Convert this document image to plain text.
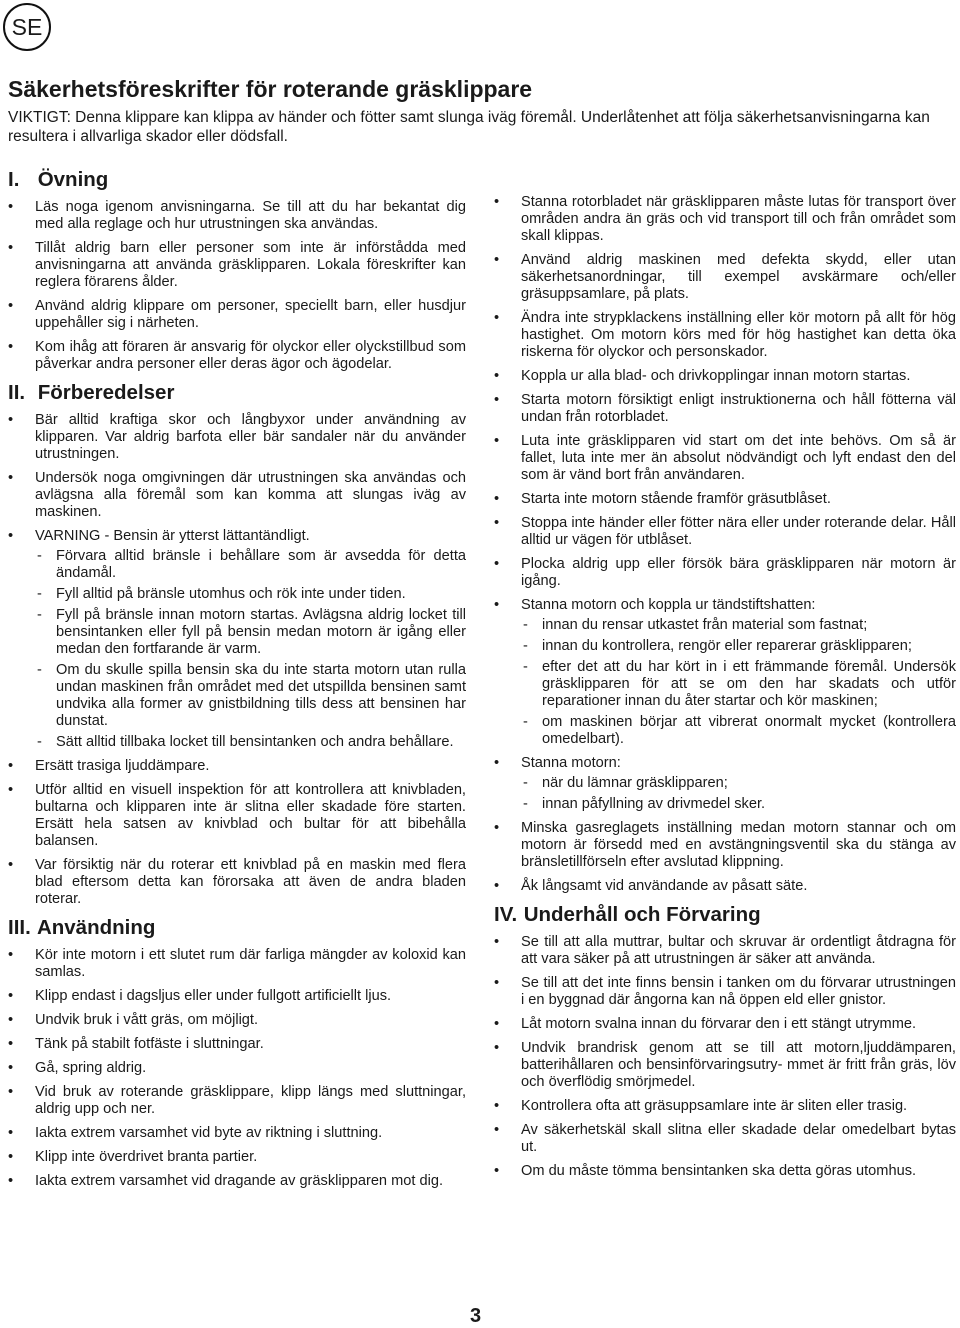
SE
Säkerhetsföreskrifter för roterande gräsklippare

VIKTIGT: Denna klippare kan klippa av händer och fötter samt slunga iväg föremål. Underlåtenhet att följa säkerhetsanvisningarna kan resultera i allvarliga skador eller dödsfall.

I. Övning
• Läs noga igenom anvisningarna. Se till att du har bekantat dig med alla reglage och hur utrustningen ska användas.
• Tillåt aldrig barn eller personer som inte är införstådda med anvisningarna att använda gräsklipparen. Lokala föreskrifter kan reglera förarens ålder.
• Använd aldrig klippare om personer, speciellt barn, eller husdjur uppehåller sig i närheten.
• Kom ihåg att föraren är ansvarig för olyckor eller olyckstillbud som påverkar andra personer eller deras ägor och ägodelar.
II. Förberedelser
• Bär alltid kraftiga skor och långbyxor under användning av klipparen. Var aldrig barfota eller bär sandaler när du använder utrustningen.
• Undersök noga omgivningen där utrustningen ska användas och avlägsna alla föremål som kan komma att slungas iväg av maskinen.
• VARNING - Bensin är ytterst lättantändligt.
- Förvara alltid bränsle i behållare som är avsedda för detta ändamål.
- Fyll alltid på bränsle utomhus och rök inte under tiden.
- Fyll på bränsle innan motorn startas. Avlägsna aldrig locket till bensintanken eller fyll på bensin medan motorn är igång eller medan den fortfarande är varm.
- Om du skulle spilla bensin ska du inte starta motorn utan rulla undan maskinen från området med det utspillda bensinen samt undvika alla former av gnistbildning tills dess att bensinen har dunstat.
- Sätt alltid tillbaka locket till bensintanken och andra behållare.
• Ersätt trasiga ljuddämpare.
• Utför alltid en visuell inspektion för att kontrollera att knivbladen, bultarna och klipparen inte är slitna eller skadade före starten. Ersätt hela satsen av knivblad och bultar för att bibehålla balansen.
• Var försiktig när du roterar ett knivblad på en maskin med flera blad eftersom detta kan förorsaka att även de andra bladen roterar.
III. Användning
• Kör inte motorn i ett slutet rum där farliga mängder av koloxid kan samlas.
• Klipp endast i dagsljus eller under fullgott artificiellt ljus.
• Undvik bruk i vått gräs, om möjligt.
• Tänk på stabilt fotfäste i sluttningar.
• Gå, spring aldrig.
• Vid bruk av roterande gräsklippare, klipp längs med sluttningar, aldrig upp och ner.
• Iakta extrem varsamhet vid byte av riktning i sluttning.
• Klipp inte överdrivet branta partier.
• Iakta extrem varsamhet vid dragande av gräsklipparen mot dig.
• Stanna rotorbladet när gräsklipparen måste lutas för transport över områden andra än gräs och vid transport till och från området som skall klippas.
• Använd aldrig maskinen med defekta skydd, eller utan säkerhetsanordningar, till exempel avskärmare och/eller gräsuppsamlare, på plats.
• Ändra inte strypklackens inställning eller kör motorn på allt för hög hastighet. Om motorn körs med för hög hastighet kan detta öka riskerna för olyckor och personskador.
• Koppla ur alla blad- och drivkopplingar innan motorn startas.
• Starta motorn försiktigt enligt instruktionerna och håll fötterna väl undan från rotorbladet.
• Luta inte gräsklipparen vid start om det inte behövs. Om så är fallet, luta inte mer än absolut nödvändigt och lyft endast den del som är vänd bort från användaren.
• Starta inte motorn stående framför gräsutblåset.
• Stoppa inte händer eller fötter nära eller under roterande delar. Håll alltid ur vägen för utblåset.
• Plocka aldrig upp eller försök bära gräsklipparen när motorn är igång.
• Stanna motorn och koppla ur tändstiftshatten:
- innan du rensar utkastet från material som fastnat;
- innan du kontrollera, rengör eller reparerar gräsklipparen;
- efter det att du har kört in i ett främmande föremål. Undersök gräsklipparen för att se om den har skadats och utför reparationer innan du åter startar och kör maskinen;
- om maskinen börjar att vibrerat onormalt mycket (kontrollera omedelbart).
• Stanna motorn:
- när du lämnar gräsklipparen;
- innan påfyllning av drivmedel sker.
• Minska gasreglagets inställning medan motorn stannar och om motorn är försedd med en avstängningsventil ska du stänga av bränsletillförseln efter avslutad klippning.
• Åk långsamt vid användande av påsatt säte.
IV. Underhåll och Förvaring
• Se till att alla muttrar, bultar och skruvar är ordentligt åtdragna för att vara säker på att utrustningen är säker att använda.
• Se till att det inte finns bensin i tanken om du förvarar utrustningen i en byggnad där ångorna kan nå öppen eld eller gnistor.
• Låt motorn svalna innan du förvarar den i ett stängt utrymme.
• Undvik brandrisk genom att se till att motorn,ljuddämparen, batterihållaren och bensinförvaringsutry- mmet är fritt från gräs, löv och överflödig smörjmedel.
• Kontrollera ofta att gräsuppsamlare inte är sliten eller trasig.
• Av säkerhetskäl skall slitna eller skadade delar omedelbart bytas ut.
• Om du måste tömma bensintanken ska detta göras utomhus.
3
